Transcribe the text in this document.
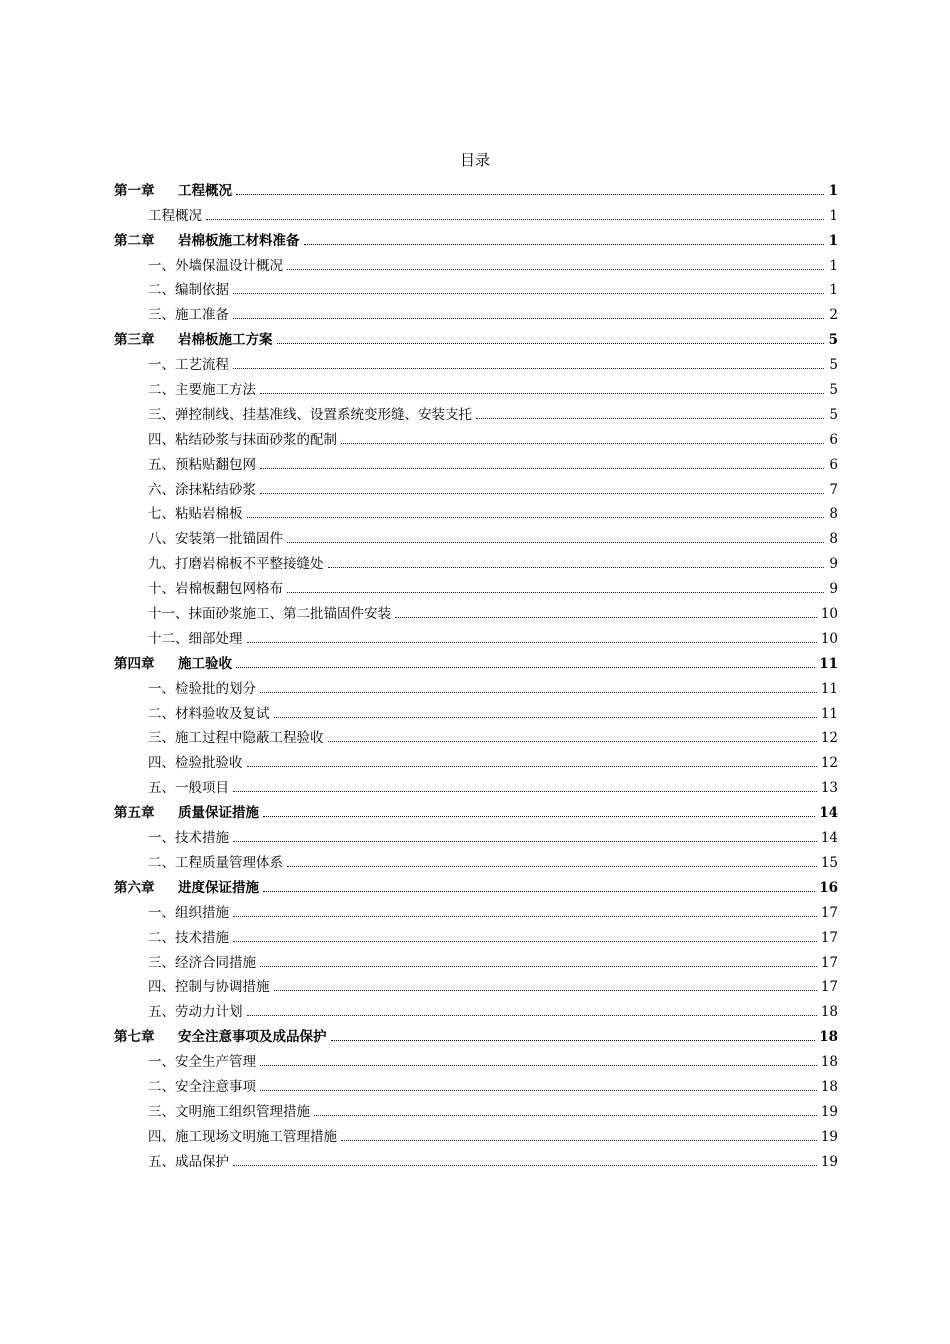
目录
第一章 工程概况	1
工程概况	1
第二章 岩棉板施工材料准备	1
一、外墙保温设计概况	1
二、编制依据	1
三、施工准备	2
第三章 岩棉板施工方案	5
一、工艺流程	5
二、主要施工方法	5
三、弹控制线、挂基准线、设置系统变形缝、安装支托	5
四、粘结砂浆与抹面砂浆的配制	6
五、预粘贴翻包网	6
六、涂抹粘结砂浆	7
七、粘贴岩棉板	8
八、安装第一批锚固件	8
九、打磨岩棉板不平整接缝处	9
十、岩棉板翻包网格布	9
十一、抹面砂浆施工、第二批锚固件安装	10
十二、细部处理	10
第四章 施工验收	11
一、检验批的划分	11
二、材料验收及复试	11
三、施工过程中隐蔽工程验收	12
四、检验批验收	12
五、一般项目	13
第五章 质量保证措施	14
一、技术措施	14
二、工程质量管理体系	15
第六章 进度保证措施	16
一、组织措施	17
二、技术措施	17
三、经济合同措施	17
四、控制与协调措施	17
五、劳动力计划	18
第七章 安全注意事项及成品保护	18
一、安全生产管理	18
二、安全注意事项	18
三、文明施工组织管理措施	19
四、施工现场文明施工管理措施	19
五、成品保护	19
